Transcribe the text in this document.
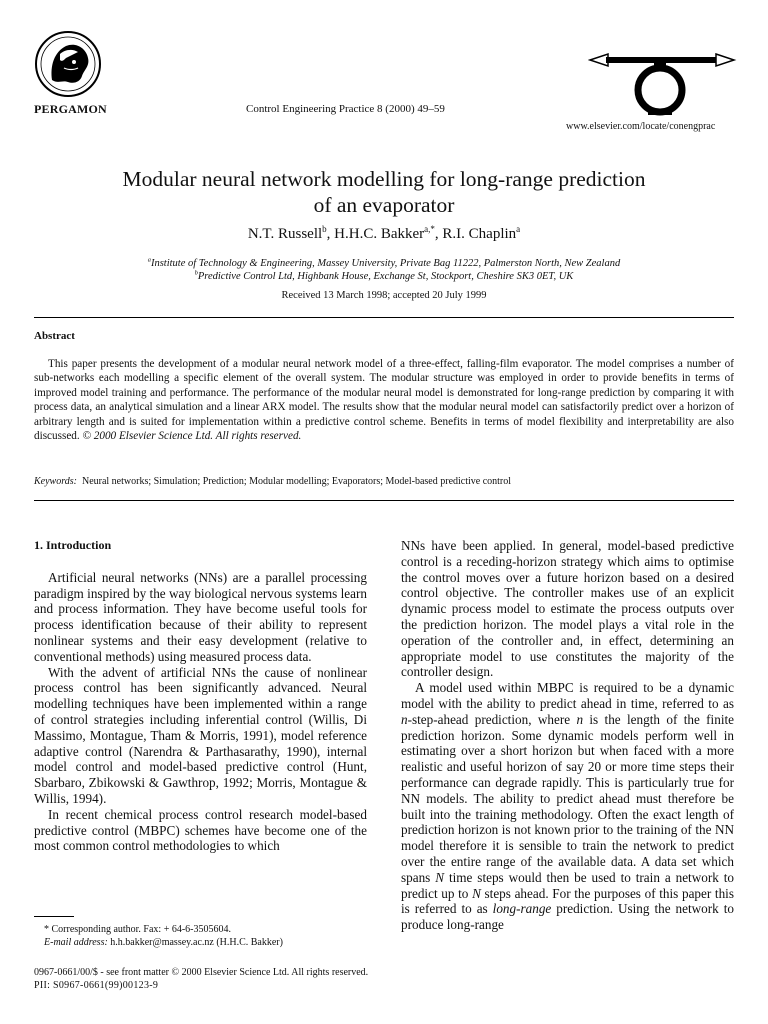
PERGAMON	Control Engineering Practice 8 (2000) 49–59
www.elsevier.com/locate/conengprac
Modular neural network modelling for long-range prediction
of an evaporator
N.T. Russell$^b$, H.H.C. Bakker$^{a,*}$, R.I. Chaplin$^a$
$^a$Institute of Technology & Engineering, Massey University, Private Bag 11222, Palmerston North, New Zealand
$^b$Predictive Control Ltd, Highbank House, Exchange St, Stockport, Cheshire SK3 0ET, UK
Received 13 March 1998; accepted 20 July 1999
Abstract
This paper presents the development of a modular neural network model of a three-effect, falling-film evaporator. The model comprises a number of sub-networks each modelling a specific element of the overall system. The modular structure was employed in order to provide benefits in terms of improved model training and performance. The performance of the modular neural model is demonstrated for long-range prediction by comparing it with process data, an analytical simulation and a linear ARX model. The results show that the modular neural model can satisfactorily predict over a horizon of arbitrary length and is suited for implementation within a predictive control scheme. Benefits in terms of model flexibility and interpretability are also discussed. © 2000 Elsevier Science Ltd. All rights reserved.
Keywords: Neural networks; Simulation; Prediction; Modular modelling; Evaporators; Model-based predictive control

1. Introduction

Artificial neural networks (NNs) are a parallel processing paradigm inspired by the way biological nervous systems learn and process information. They have become useful tools for process identification because of their ability to represent nonlinear systems and their easy development (relative to conventional methods) using measured process data.

With the advent of artificial NNs the cause of nonlinear process control has been significantly advanced. Neural modelling techniques have been implemented within a range of control strategies including inferential control (Willis, Di Massimo, Montague, Tham & Morris, 1991), model reference adaptive control (Narendra & Parthasarathy, 1990), internal model control and model-based predictive control (Hunt, Sbarbaro, Zbikowski & Gawthrop, 1992; Morris, Montague & Willis, 1994).

In recent chemical process control research model-based predictive control (MBPC) schemes have become one of the most common control methodologies to which

NNs have been applied. In general, model-based predictive control is a receding-horizon strategy which aims to optimise the control moves over a future horizon based on a desired control objective. The controller makes use of an explicit dynamic process model to estimate the process outputs over the prediction horizon. The model plays a vital role in the operation of the controller and, in effect, determining an appropriate model to use constitutes the majority of the controller design.

A model used within MBPC is required to be a dynamic model with the ability to predict ahead in time, referred to as n-step-ahead prediction, where n is the length of the finite prediction horizon. Some dynamic models perform well in estimating over a short horizon but when faced with a more realistic and useful horizon of say 20 or more time steps their performance can degrade rapidly. This is particularly true for NN models. The ability to predict ahead must therefore be built into the training methodology. Often the exact length of prediction horizon is not known prior to the training of the NN model therefore it is sensible to train the network to predict over the entire range of the available data. A data set which spans N time steps would then be used to train a network to predict up to N steps ahead. For the purposes of this paper this is referred to as long-range prediction. Using the network to produce long-range

* Corresponding author. Fax: + 64-6-3505604.
E-mail address: h.h.bakker@massey.ac.nz (H.H.C. Bakker)
0967-0661/00/$ - see front matter © 2000 Elsevier Science Ltd. All rights reserved.
PII: S0967-0661(99)00123-9
